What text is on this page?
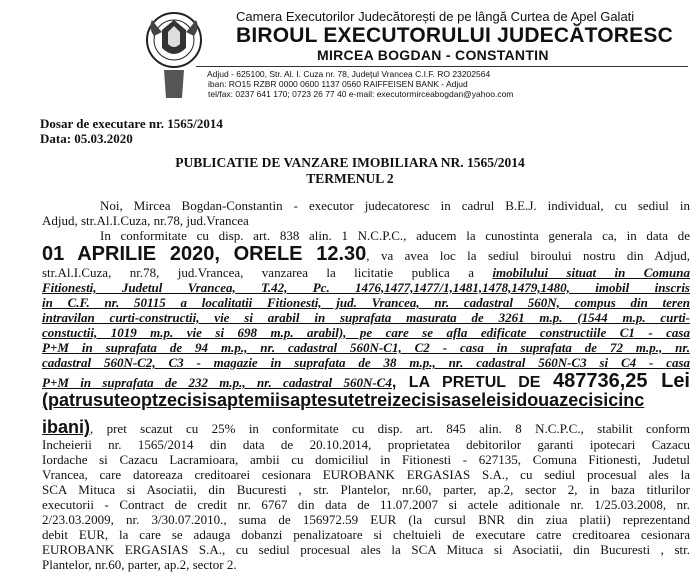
Camera Executorilor Judecătorești de pe lângă Curtea de Apel Galati
BIROUL EXECUTORULUI JUDECĂTORESC
MIRCEA BOGDAN - CONSTANTIN
Adjud - 625100, Str. Al. I. Cuza nr. 78, Județul Vrancea C.I.F. RO 23202564
iban: RO15 RZBR 0000 0600 1137 0560 RAIFFEISEN BANK - Adjud
tel/fax: 0237 641 170; 0723 26 77 40 e-mail: executormirceabogdan@yahoo.com
Dosar de executare nr. 1565/2014
Data: 05.03.2020
PUBLICATIE DE VANZARE IMOBILIARA NR. 1565/2014
TERMENUL 2
Noi, Mircea Bogdan-Constantin - executor judecatoresc in cadrul B.E.J. individual, cu sediul in
Adjud, str.Al.I.Cuza, nr.78, jud.Vrancea
In conformitate cu disp. art. 838 alin. 1 N.C.P.C., aducem la cunostinta generala ca, in data de
01 APRILIE 2020, ORELE 12.30, va avea loc la sediul biroului nostru din Adjud,
str.Al.I.Cuza, nr.78, jud.Vrancea, vanzarea la licitatie publica a imobilului situat in Comuna
Fitionesti, Judetul Vrancea, T.42, Pc. 1476,1477,1477/1,1481,1478,1479,1480, imobil inscris
in C.F. nr. 50115 a localitatii Fitionesti, jud. Vrancea, nr. cadastral 560N, compus din teren
intravilan curti-constructii, vie si arabil in suprafata masurata de 3261 m.p. (1544 m.p. curti-
constuctii, 1019 m.p. vie si 698 m.p. arabil), pe care se afla edificate constructiile C1 - casa
P+M in suprafata de 94 m.p., nr. cadastral 560N-C1, C2 - casa in suprafata de 72 m.p., nr.
cadastral 560N-C2, C3 - magazie in suprafata de 38 m.p., nr. cadastral 560N-C3 si C4 - casa
P+M in suprafata de 232 m.p., nr. cadastral 560N-C4, LA PRETUL DE 487736,25 Lei
(patrusuteoptzecisisaptemiisaptesutetreizecisisaseleisidouazecisicinc
ibani), pret scazut cu 25% in conformitate cu disp. art. 845 alin. 8 N.C.P.C., stabilit conform
Incheierii nr. 1565/2014 din data de 20.10.2014, proprietatea debitorilor garanti ipotecari Cazacu
Iordache si Cazacu Lacramioara, ambii cu domiciliul in Fitionesti - 627135, Comuna Fitionesti, Judetul
Vrancea, care datoreaza creditoarei cesionara EUROBANK ERGASIAS S.A., cu sediul procesual ales la
SCA Mituca si Asociatii, din Bucuresti , str. Plantelor, nr.60, parter, ap.2, sector 2, in baza titlurilor
executorii - Contract de credit nr. 6767 din data de 11.07.2007 si actele aditionale nr. 1/25.03.2008, nr.
2/23.03.2009, nr. 3/30.07.2010., suma de 156972.59 EUR (la cursul BNR din ziua platii) reprezentand
debit EUR, la care se adauga dobanzi penalizatoare si cheltuieli de executare catre creditoarea cesionara
EUROBANK ERGASIAS S.A., cu sediul procesual ales la SCA Mituca si Asociatii, din Bucuresti , str.
Plantelor, nr.60, parter, ap.2, sector 2.
